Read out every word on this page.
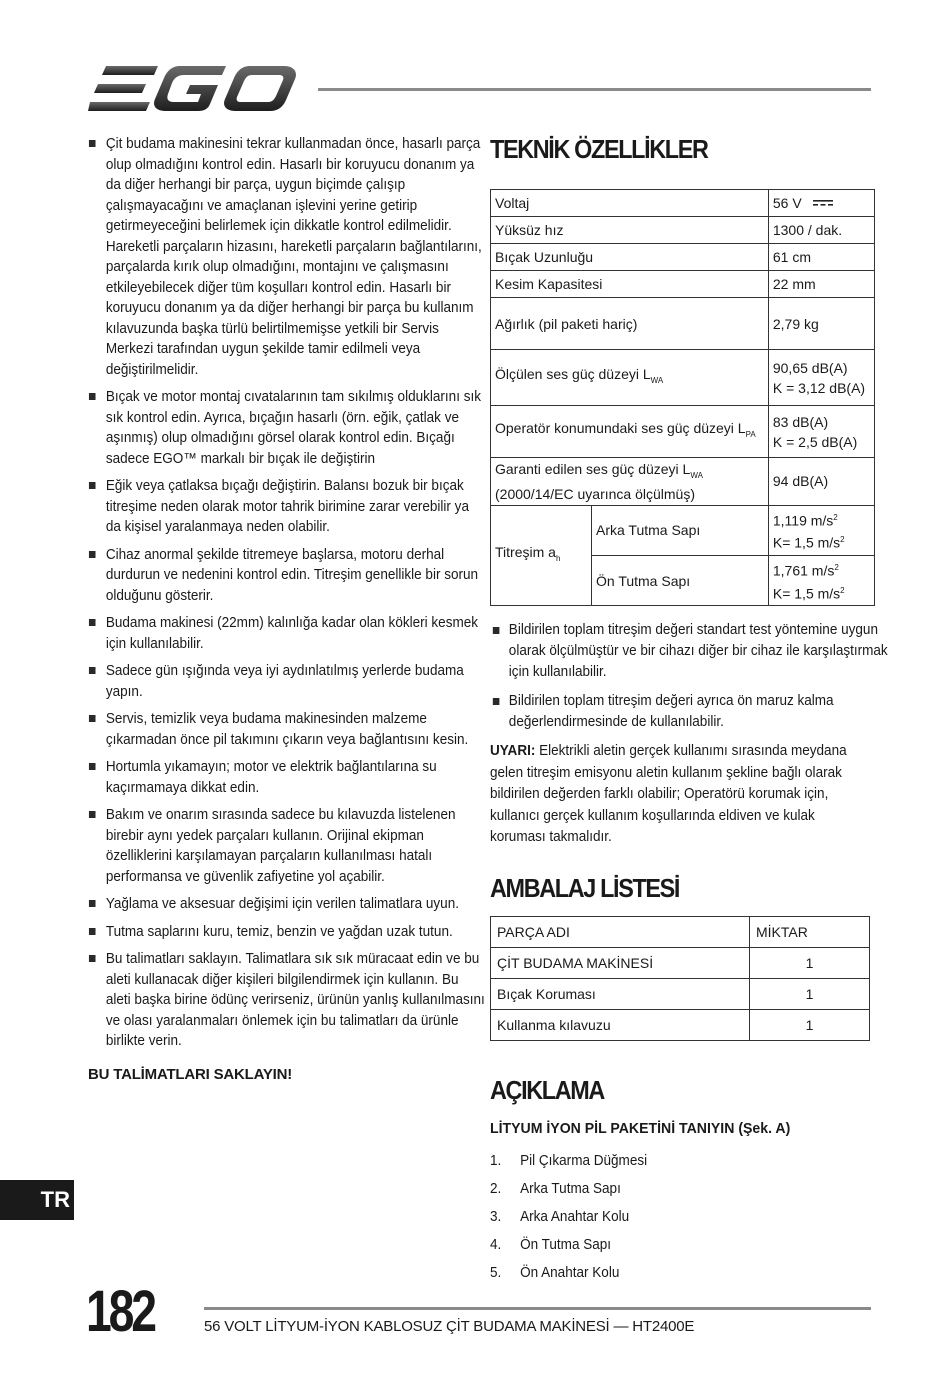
Çit budama makinesini tekrar kullanmadan önce, hasarlı parça olup olmadığını kontrol edin. Hasarlı bir koruyucu donanım ya da diğer herhangi bir parça, uygun biçimde çalışıp çalışmayacağını ve amaçlanan işlevini yerine getirip getirmeyeceğini belirlemek için dikkatle kontrol edilmelidir. Hareketli parçaların hizasını, hareketli parçaların bağlantılarını, parçalarda kırık olup olmadığını, montajını ve çalışmasını etkileyebilecek diğer tüm koşulları kontrol edin. Hasarlı bir koruyucu donanım ya da diğer herhangi bir parça bu kullanım kılavuzunda başka türlü belirtilmemişse yetkili bir Servis Merkezi tarafından uygun şekilde tamir edilmeli veya değiştirilmelidir.
Bıçak ve motor montaj cıvatalarının tam sıkılmış olduklarını sık sık kontrol edin. Ayrıca, bıçağın hasarlı (örn. eğik, çatlak ve aşınmış) olup olmadığını görsel olarak kontrol edin. Bıçağı sadece EGO™ markalı bir bıçak ile değiştirin
Eğik veya çatlaksa bıçağı değiştirin. Balansı bozuk bir bıçak titreşime neden olarak motor tahrik birimine zarar verebilir ya da kişisel yaralanmaya neden olabilir.
Cihaz anormal şekilde titremeye başlarsa, motoru derhal durdurun ve nedenini kontrol edin. Titreşim genellikle bir sorun olduğunu gösterir.
Budama makinesi (22mm) kalınlığa kadar olan kökleri kesmek için kullanılabilir.
Sadece gün ışığında veya iyi aydınlatılmış yerlerde budama yapın.
Servis, temizlik veya budama makinesinden malzeme çıkarmadan önce pil takımını çıkarın veya bağlantısını kesin.
Hortumla yıkamayın; motor ve elektrik bağlantılarına su kaçırmamaya dikkat edin.
Bakım ve onarım sırasında sadece bu kılavuzda listelenen birebir aynı yedek parçaları kullanın. Orijinal ekipman özelliklerini karşılamayan parçaların kullanılması hatalı performansa ve güvenlik zafiyetine yol açabilir.
Yağlama ve aksesuar değişimi için verilen talimatlara uyun.
Tutma saplarını kuru, temiz, benzin ve yağdan uzak tutun.
Bu talimatları saklayın. Talimatlara sık sık müracaat edin ve bu aleti kullanacak diğer kişileri bilgilendirmek için kullanın. Bu aleti başka birine ödünç verirseniz, ürünün yanlış kullanılmasını ve olası yaralanmaları önlemek için bu talimatları da ürünle birlikte verin.
BU TALİMATLARI SAKLAYIN!
TEKNİK ÖZELLİKLER
Voltaj		56 V
Yüksüz hız		1300 / dak.
Bıçak Uzunluğu		61 cm
Kesim Kapasitesi		22 mm
Ağırlık (pil paketi hariç)		2,79 kg
Ölçülen ses güç düzeyi $L_{WA}$		90,65 dB(A)
K = 3,12 dB(A)

Operatör konumundaki ses güç düzeyi $L_{PA}$		83 dB(A)
K = 2,5 dB(A)

Garanti edilen ses güç düzeyi $L_{WA}$
(2000/14/EC uyarınca ölçülmüş)		94 dB(A)
Titreşim $a_h$	Arka Tutma Sapı	1,119 $m/s^2$
K= 1,5 $m/s^2$

	Ön Tutma Sapı	1,761 $m/s^2$
K= 1,5 $m/s^2$
Bildirilen toplam titreşim değeri standart test yöntemine uygun olarak ölçülmüştür ve bir cihazı diğer bir cihaz ile karşılaştırmak için kullanılabilir.
Bildirilen toplam titreşim değeri ayrıca ön maruz kalma değerlendirmesinde de kullanılabilir.
UYARI: Elektrikli aletin gerçek kullanımı sırasında meydana gelen titreşim emisyonu aletin kullanım şekline bağlı olarak bildirilen değerden farklı olabilir; Operatörü korumak için, kullanıcı gerçek kullanım koşullarında eldiven ve kulak koruması takmalıdır.
AMBALAJ LİSTESİ
PARÇA ADI	MİKTAR
ÇİT BUDAMA MAKİNESİ	1
Bıçak Koruması	1
Kullanma kılavuzu	1
AÇIKLAMA
LİTYUM İYON PİL PAKETİNİ TANIYIN (Şek. A)
1. Pil Çıkarma Düğmesi
2. Arka Tutma Sapı
3. Arka Anahtar Kolu
4. Ön Tutma Sapı
5. Ön Anahtar Kolu
TR
182	56 VOLT LİTYUM-İYON KABLOSUZ ÇİT BUDAMA MAKİNESİ — HT2400E
